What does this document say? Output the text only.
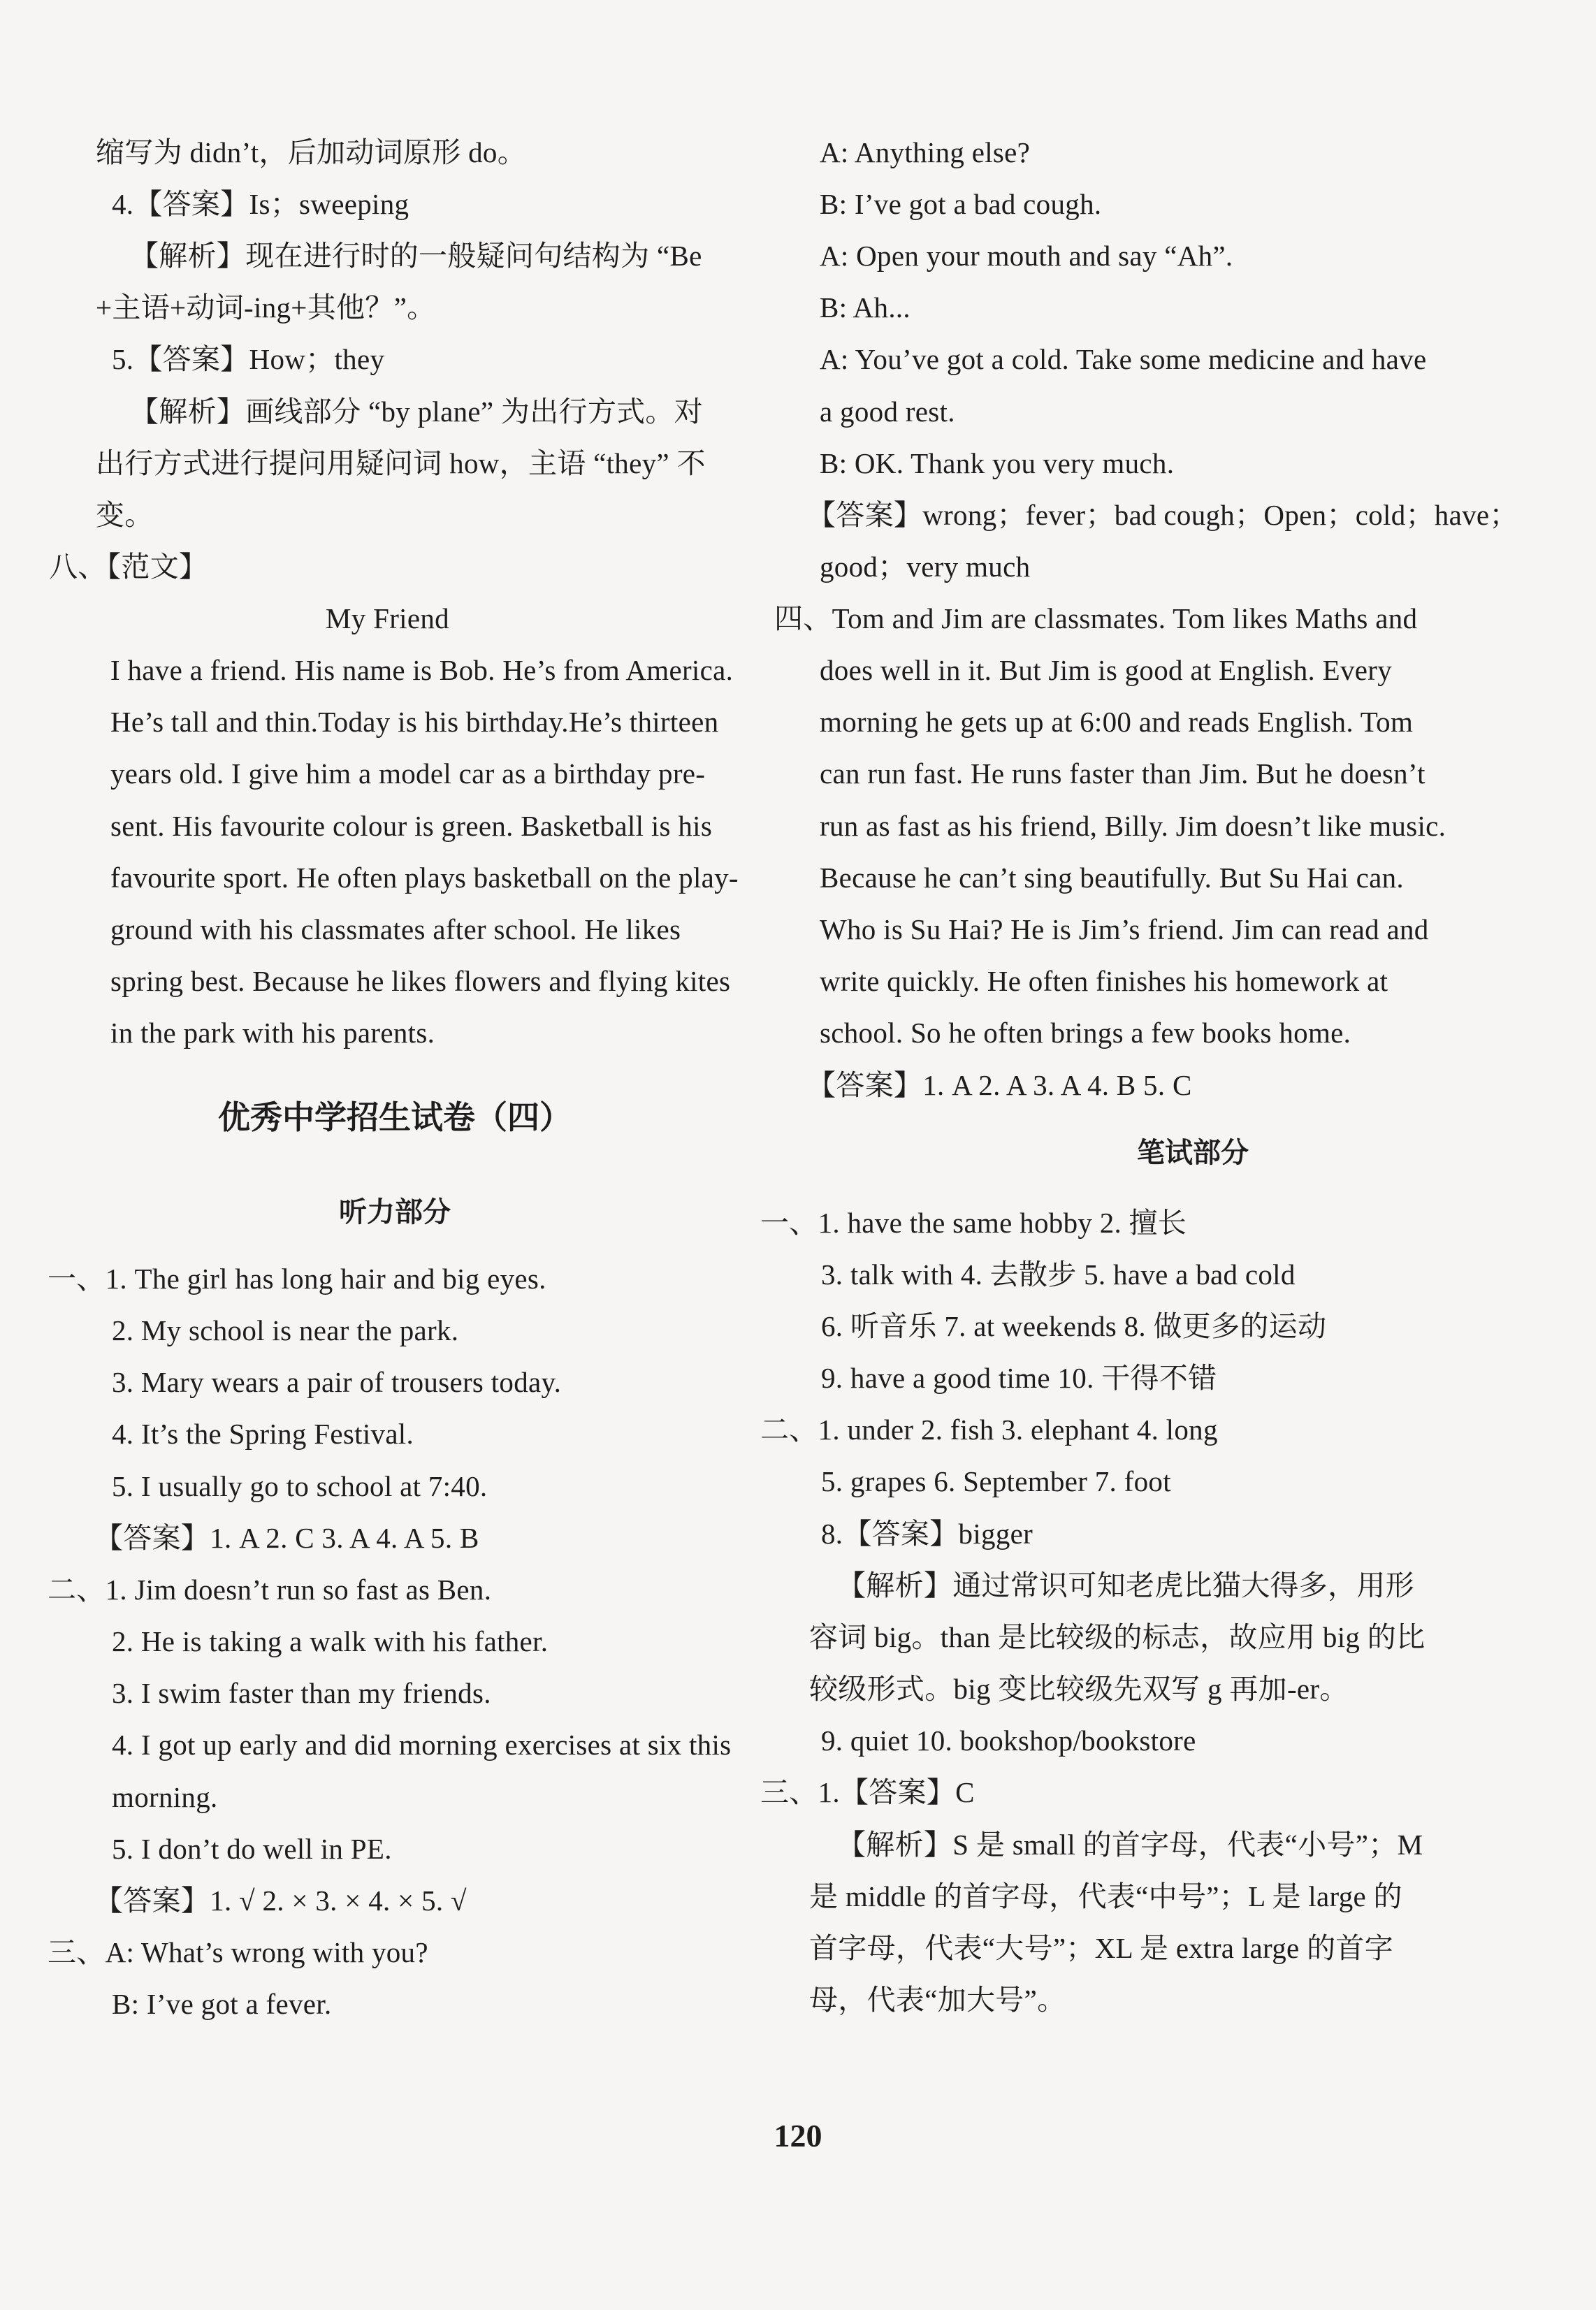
缩写为 didn’t，后加动词原形 do。
4.【答案】Is；sweeping
【解析】现在进行时的一般疑问句结构为 “Be
+主语+动词-ing+其他？”。
5.【答案】How；they
【解析】画线部分 “by plane” 为出行方式。对
出行方式进行提问用疑问词 how，主语 “they” 不
变。
八、【范文】
My Friend
I have a friend. His name is Bob. He’s from America.
He’s tall and thin.Today is his birthday.He’s thirteen
years old. I give him a model car as a birthday pre-
sent. His favourite colour is green. Basketball is his
favourite sport. He often plays basketball on the play-
ground with his classmates after school. He likes
spring best. Because he likes flowers and flying kites
in the park with his parents.
一、1. The girl has long hair and big eyes.
2. My school is near the park.
3. Mary wears a pair of trousers today.
4. It’s the Spring Festival.
5. I usually go to school at 7:40.
【答案】1. A 2. C 3. A 4. A 5. B
二、1. Jim doesn’t run so fast as Ben.
2. He is taking a walk with his father.
3. I swim faster than my friends.
4. I got up early and did morning exercises at six this
morning.
5. I don’t do well in PE.
【答案】1. √ 2. × 3. × 4. × 5. √
三、A: What’s wrong with you?
B: I’ve got a fever.
优秀中学招生试卷（四）
听力部分
A: Anything else?
B: I’ve got a bad cough.
A: Open your mouth and say “Ah”.
B: Ah...
A: You’ve got a cold. Take some medicine and have
a good rest.
B: OK. Thank you very much.
【答案】wrong；fever；bad cough；Open；cold；have；
good；very much
四、Tom and Jim are classmates. Tom likes Maths and
does well in it. But Jim is good at English. Every
morning he gets up at 6:00 and reads English. Tom
can run fast. He runs faster than Jim. But he doesn’t
run as fast as his friend, Billy. Jim doesn’t like music.
Because he can’t sing beautifully. But Su Hai can.
Who is Su Hai? He is Jim’s friend. Jim can read and
write quickly. He often finishes his homework at
school. So he often brings a few books home.
【答案】1. A 2. A 3. A 4. B 5. C
一、1. have the same hobby 2. 擅长
3. talk with 4. 去散步 5. have a bad cold
6. 听音乐 7. at weekends 8. 做更多的运动
9. have a good time 10. 干得不错
二、1. under 2. fish 3. elephant 4. long
5. grapes 6. September 7. foot
8.【答案】bigger
【解析】通过常识可知老虎比猫大得多，用形
容词 big。than 是比较级的标志，故应用 big 的比
较级形式。big 变比较级先双写 g 再加-er。
9. quiet 10. bookshop/bookstore
三、1.【答案】C
【解析】S 是 small 的首字母，代表“小号”；M
是 middle 的首字母，代表“中号”；L 是 large 的
首字母，代表“大号”；XL 是 extra large 的首字
母，代表“加大号”。
笔试部分
120
